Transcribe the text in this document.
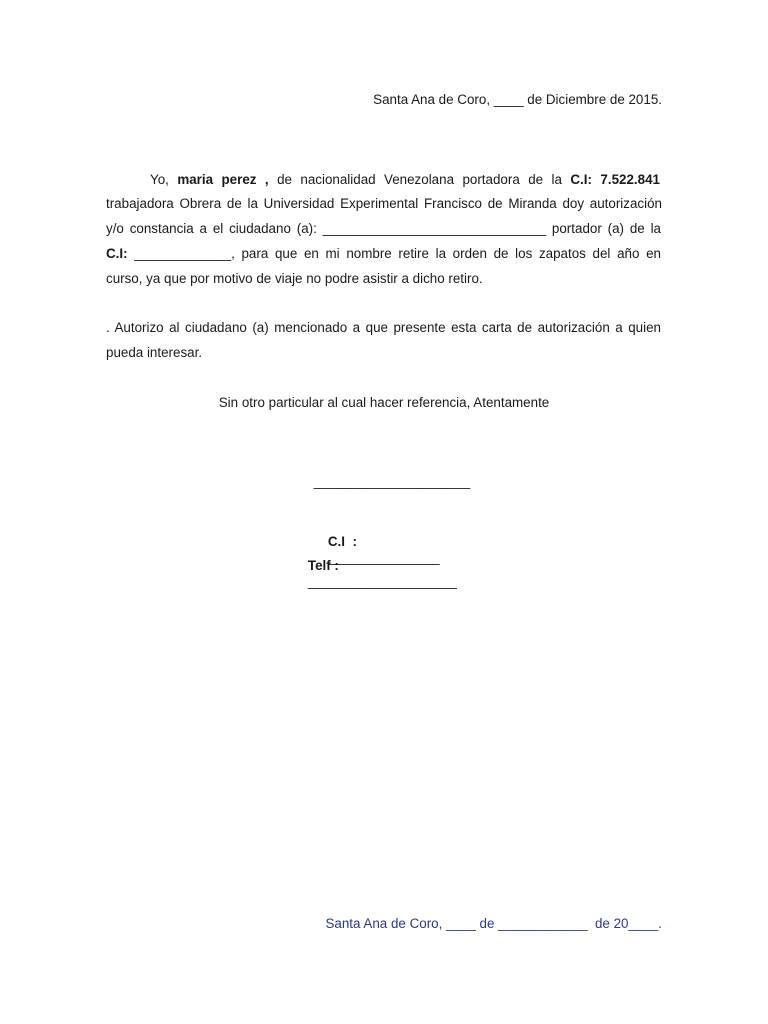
Santa Ana de Coro, ____ de Diciembre de 2015.
Yo, maria perez , de nacionalidad Venezolana portadora de la C.I: 7.522.841
trabajadora Obrera de la Universidad Experimental Francisco de Miranda doy autorización
y/o constancia a el ciudadano (a): ______________________________ portador (a) de la
C.I: _____________, para que en mi nombre retire la orden de los zapatos del año en
curso, ya que por motivo de viaje no podre asistir a dicho retiro.
. Autorizo al ciudadano (a) mencionado a que presente esta carta de autorización a quien
pueda interesar.
Sin otro particular al cual hacer referencia, Atentamente
_____________________

C.I  :
_______________

Telf :
____________________

Santa Ana de Coro, ____ de ____________  de 20____.
